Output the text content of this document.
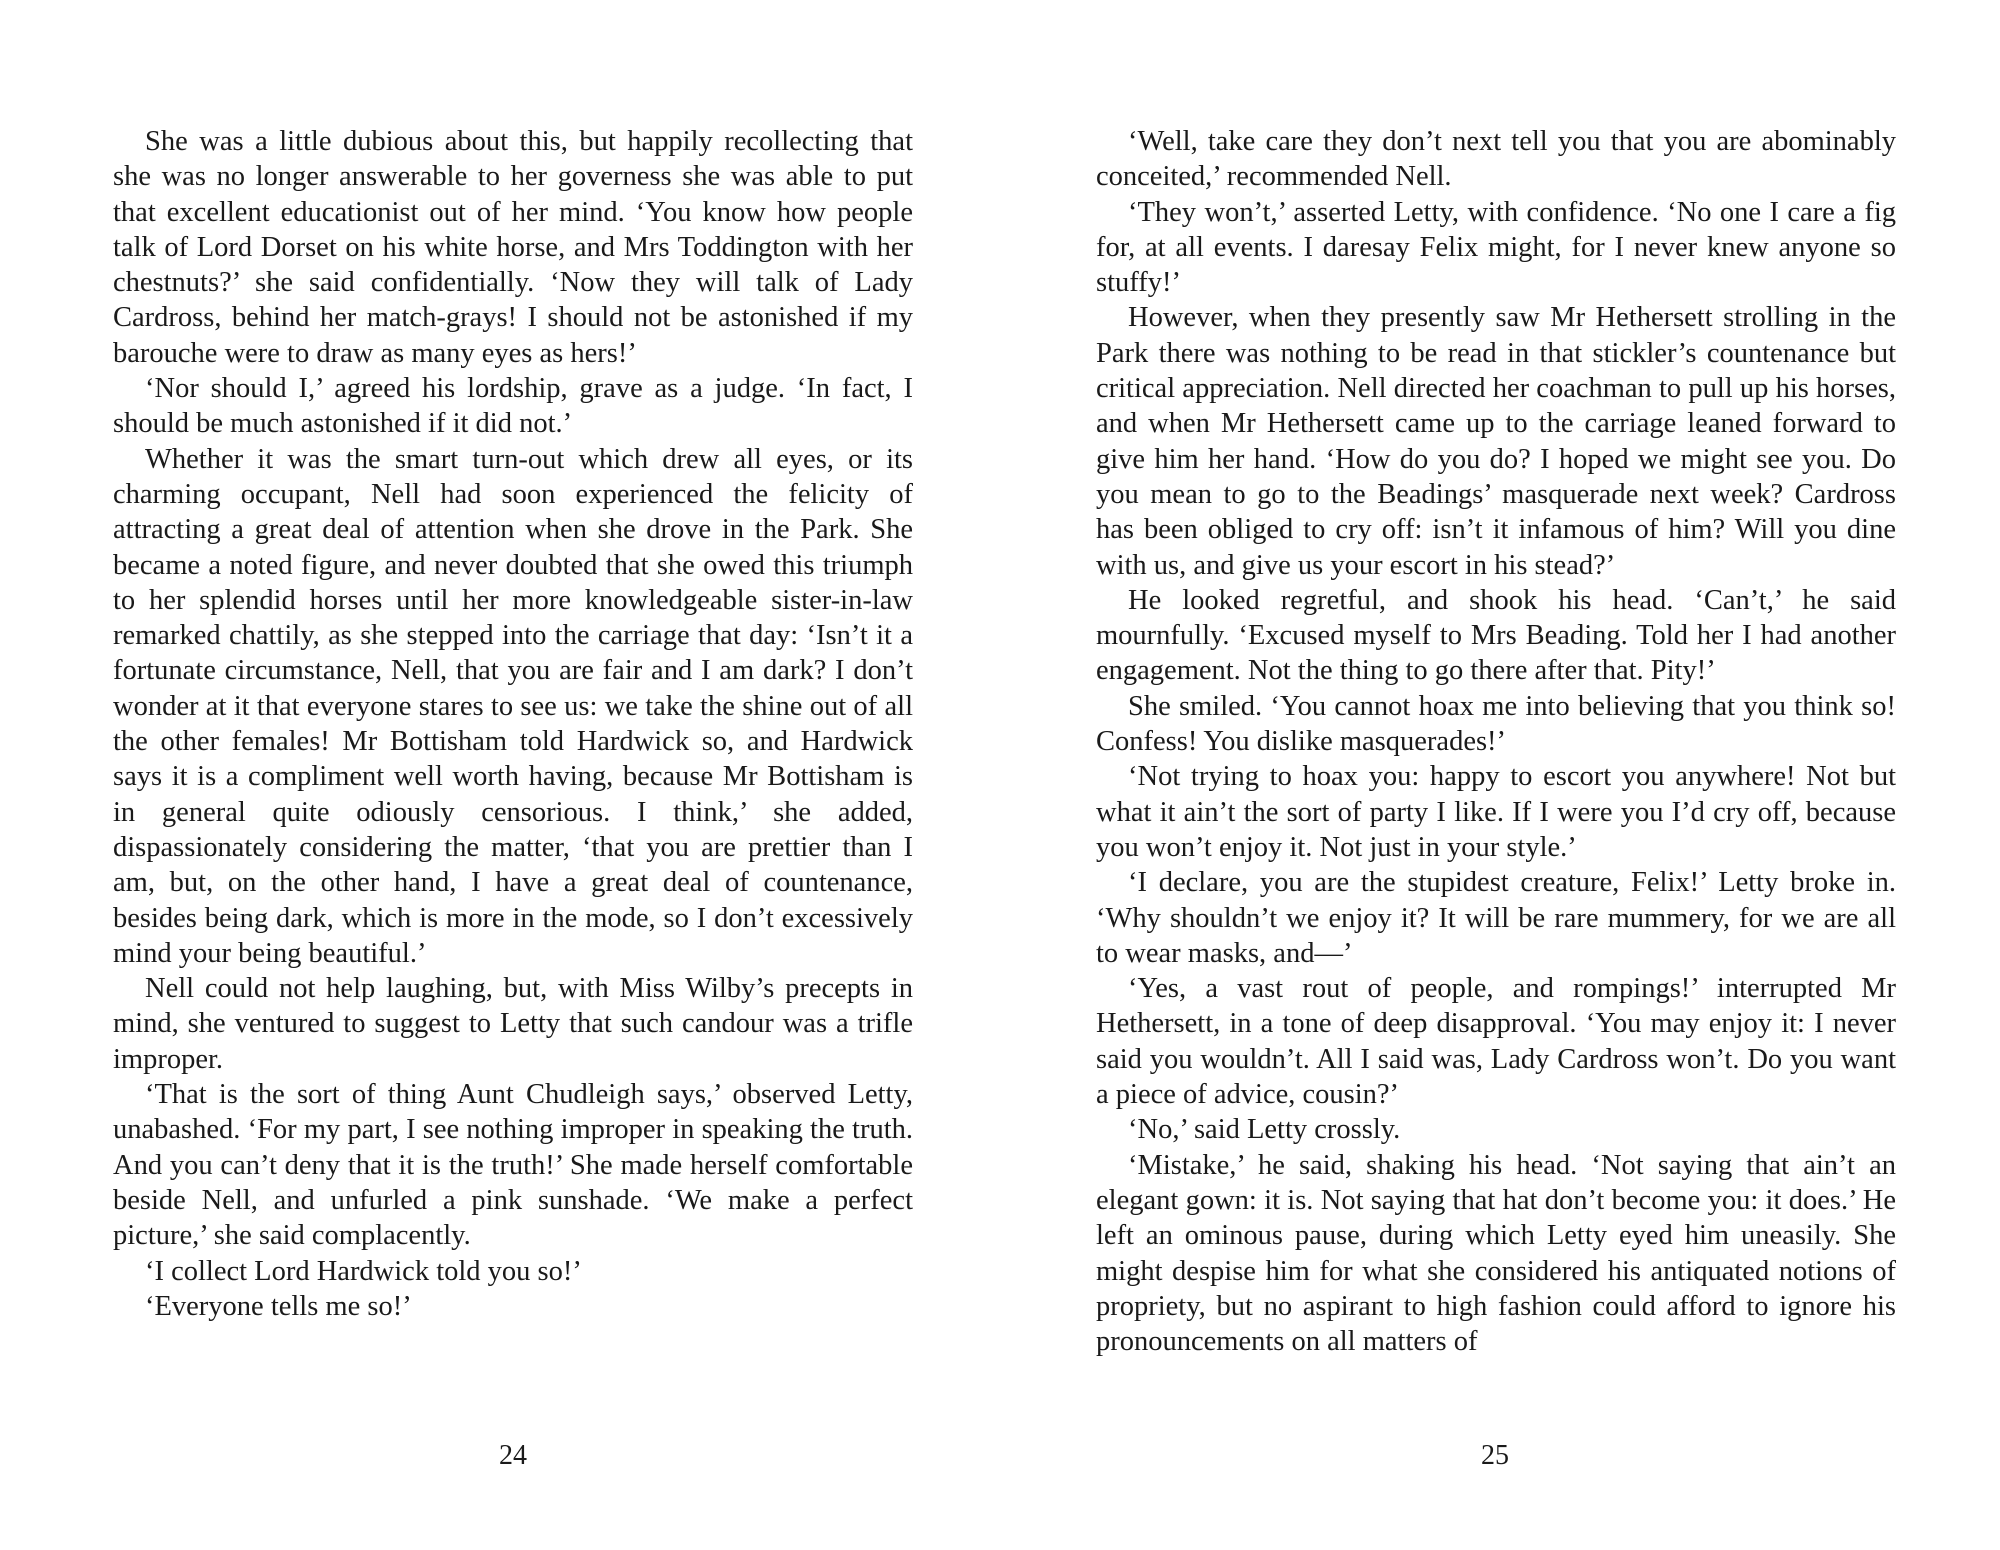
She was a little dubious about this, but happily recollecting that she was no longer answerable to her governess she was able to put that excellent educationist out of her mind. ‘You know how people talk of Lord Dorset on his white horse, and Mrs Toddington with her chestnuts?’ she said confidentially. ‘Now they will talk of Lady Cardross, behind her match-grays! I should not be astonished if my barouche were to draw as many eyes as hers!’

‘Nor should I,’ agreed his lordship, grave as a judge. ‘In fact, I should be much astonished if it did not.’

Whether it was the smart turn-out which drew all eyes, or its charming occupant, Nell had soon experienced the felicity of attracting a great deal of attention when she drove in the Park. She became a noted figure, and never doubted that she owed this triumph to her splendid horses until her more knowledgeable sister-in-law remarked chattily, as she stepped into the carriage that day: ‘Isn’t it a fortunate circumstance, Nell, that you are fair and I am dark? I don’t wonder at it that everyone stares to see us: we take the shine out of all the other females! Mr Bottisham told Hardwick so, and Hardwick says it is a compliment well worth having, because Mr Bottisham is in general quite odiously censorious. I think,’ she added, dispassionately considering the matter, ‘that you are prettier than I am, but, on the other hand, I have a great deal of countenance, besides being dark, which is more in the mode, so I don’t excessively mind your being beautiful.’

Nell could not help laughing, but, with Miss Wilby’s precepts in mind, she ventured to suggest to Letty that such candour was a trifle improper.

‘That is the sort of thing Aunt Chudleigh says,’ observed Letty, unabashed. ‘For my part, I see nothing improper in speaking the truth. And you can’t deny that it is the truth!’ She made herself comfortable beside Nell, and unfurled a pink sunshade. ‘We make a perfect picture,’ she said complacently.

‘I collect Lord Hardwick told you so!’

‘Everyone tells me so!’

24

‘Well, take care they don’t next tell you that you are abominably conceited,’ recommended Nell.

‘They won’t,’ asserted Letty, with confidence. ‘No one I care a fig for, at all events. I daresay Felix might, for I never knew anyone so stuffy!’

However, when they presently saw Mr Hethersett strolling in the Park there was nothing to be read in that stickler’s countenance but critical appreciation. Nell directed her coachman to pull up his horses, and when Mr Hethersett came up to the carriage leaned forward to give him her hand. ‘How do you do? I hoped we might see you. Do you mean to go to the Beadings’ masquerade next week? Cardross has been obliged to cry off: isn’t it infamous of him? Will you dine with us, and give us your escort in his stead?’

He looked regretful, and shook his head. ‘Can’t,’ he said mournfully. ‘Excused myself to Mrs Beading. Told her I had another engagement. Not the thing to go there after that. Pity!’

She smiled. ‘You cannot hoax me into believing that you think so! Confess! You dislike masquerades!’

‘Not trying to hoax you: happy to escort you anywhere! Not but what it ain’t the sort of party I like. If I were you I’d cry off, because you won’t enjoy it. Not just in your style.’

‘I declare, you are the stupidest creature, Felix!’ Letty broke in. ‘Why shouldn’t we enjoy it? It will be rare mummery, for we are all to wear masks, and—’

‘Yes, a vast rout of people, and rompings!’ interrupted Mr Hethersett, in a tone of deep disapproval. ‘You may enjoy it: I never said you wouldn’t. All I said was, Lady Cardross won’t. Do you want a piece of advice, cousin?’

‘No,’ said Letty crossly.

‘Mistake,’ he said, shaking his head. ‘Not saying that ain’t an elegant gown: it is. Not saying that hat don’t become you: it does.’ He left an ominous pause, during which Letty eyed him uneasily. She might despise him for what she considered his antiquated notions of propriety, but no aspirant to high fashion could afford to ignore his pronouncements on all matters of

25
